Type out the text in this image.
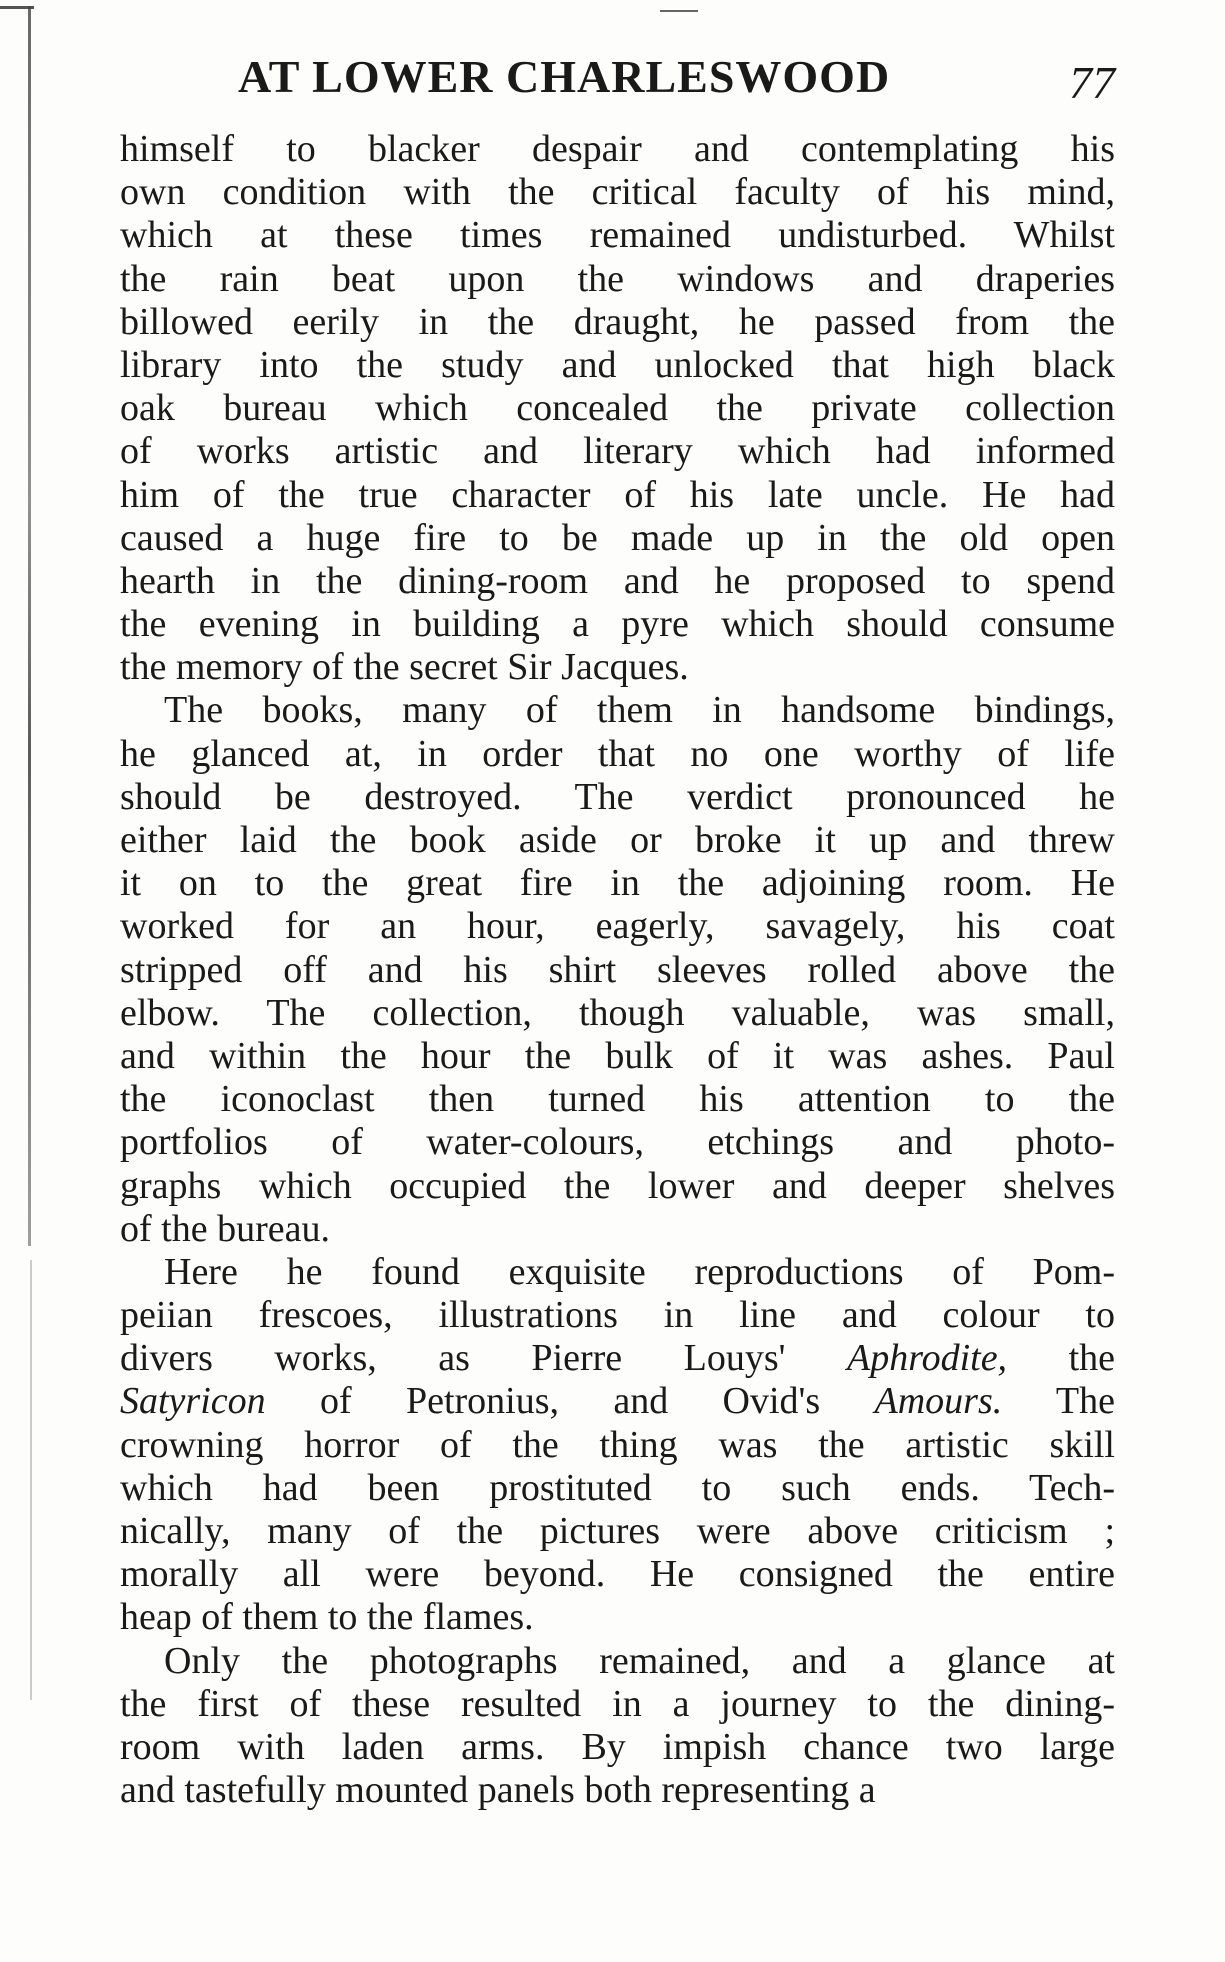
AT LOWER CHARLESWOOD	77
himself to blacker despair and contemplating his
own condition with the critical faculty of his mind,
which at these times remained undisturbed. Whilst
the rain beat upon the windows and draperies
billowed eerily in the draught, he passed from the
library into the study and unlocked that high black
oak bureau which concealed the private collection
of works artistic and literary which had informed
him of the true character of his late uncle. He had
caused a huge fire to be made up in the old open
hearth in the dining-room and he proposed to spend
the evening in building a pyre which should consume
the memory of the secret Sir Jacques.
The books, many of them in handsome bindings,
he glanced at, in order that no one worthy of life
should be destroyed. The verdict pronounced he
either laid the book aside or broke it up and threw
it on to the great fire in the adjoining room. He
worked for an hour, eagerly, savagely, his coat
stripped off and his shirt sleeves rolled above the
elbow. The collection, though valuable, was small,
and within the hour the bulk of it was ashes. Paul
the iconoclast then turned his attention to the
portfolios of water-colours, etchings and photo-
graphs which occupied the lower and deeper shelves
of the bureau.
Here he found exquisite reproductions of Pom-
peiian frescoes, illustrations in line and colour to
divers works, as Pierre Louys' Aphrodite, the
Satyricon of Petronius, and Ovid's Amours. The
crowning horror of the thing was the artistic skill
which had been prostituted to such ends. Tech-
nically, many of the pictures were above criticism ;
morally all were beyond. He consigned the entire
heap of them to the flames.
Only the photographs remained, and a glance at
the first of these resulted in a journey to the dining-
room with laden arms. By impish chance two large
and tastefully mounted panels both representing a
